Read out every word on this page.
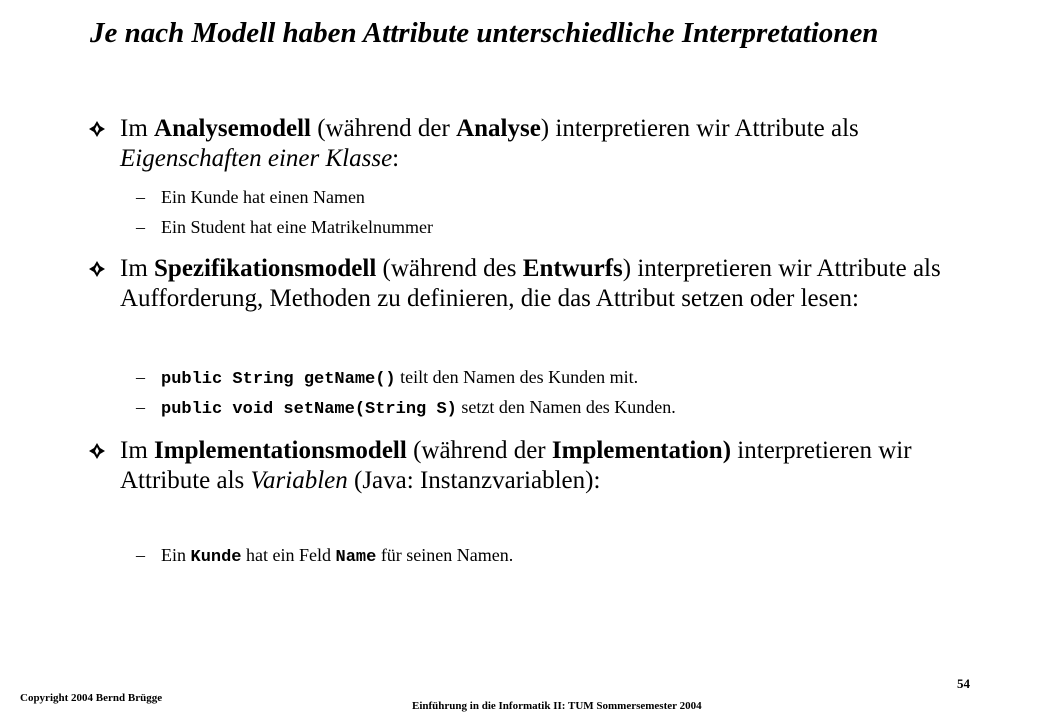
Je nach Modell haben Attribute unterschiedliche Interpretationen
Im Analysemodell (während der Analyse) interpretieren wir Attribute als Eigenschaften einer Klasse:
– Ein Kunde hat einen Namen
– Ein Student hat eine Matrikelnummer
Im Spezifikationsmodell (während des Entwurfs) interpretieren wir Attribute als Aufforderung, Methoden zu definieren, die das Attribut setzen oder lesen:
– public String getName() teilt den Namen des Kunden mit.
– public void setName(String S) setzt den Namen des Kunden.
Im Implementationsmodell (während der Implementation) interpretieren wir Attribute als Variablen (Java: Instanzvariablen):
– Ein Kunde hat ein Feld Name für seinen Namen.
Copyright 2004 Bernd Brügge
Einführung in die Informatik II: TUM Sommersemester 2004
54
